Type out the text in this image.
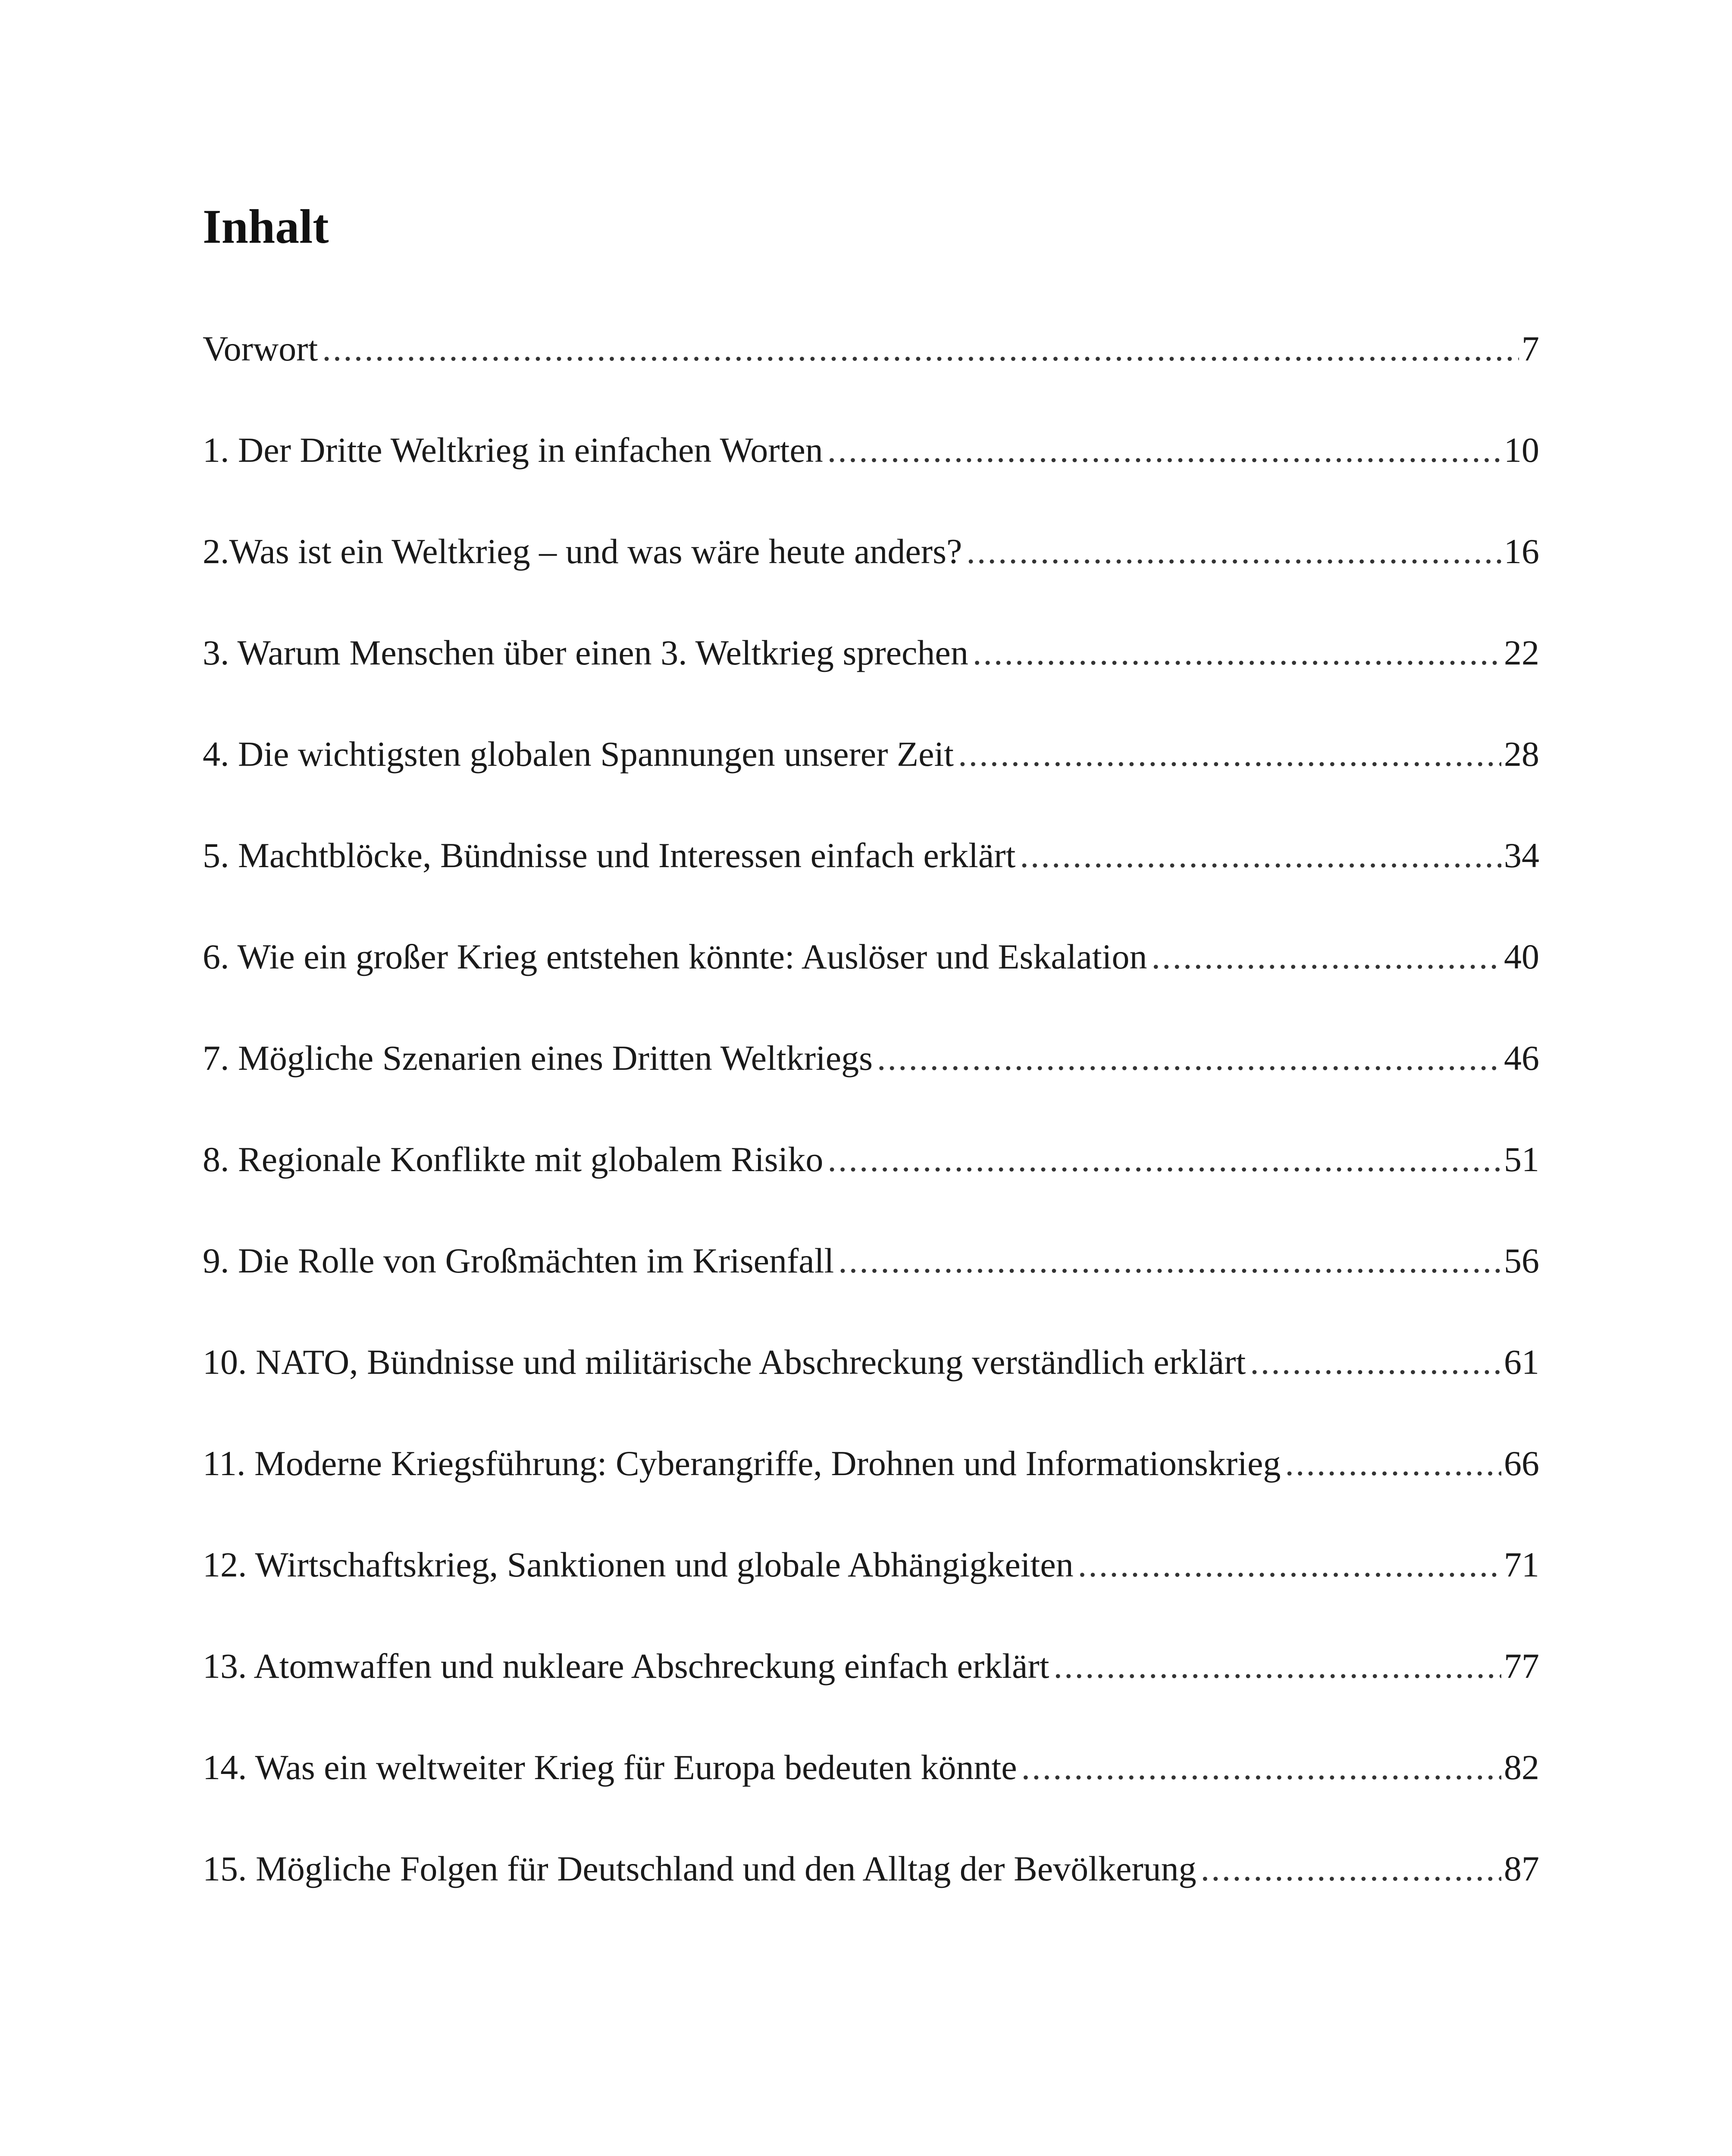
Inhalt
Vorwort .....	7
1. Der Dritte Weltkrieg in einfachen Worten .....	10
2.Was ist ein Weltkrieg – und was wäre heute anders? .....	16
3. Warum Menschen über einen 3. Weltkrieg sprechen .....	22
4. Die wichtigsten globalen Spannungen unserer Zeit .....	28
5. Machtblöcke, Bündnisse und Interessen einfach erklärt .....	34
6. Wie ein großer Krieg entstehen könnte: Auslöser und Eskalation .....	40
7. Mögliche Szenarien eines Dritten Weltkriegs .....	46
8. Regionale Konflikte mit globalem Risiko .....	51
9. Die Rolle von Großmächten im Krisenfall .....	56
10. NATO, Bündnisse und militärische Abschreckung verständlich erklärt .....	61
11. Moderne Kriegsführung: Cyberangriffe, Drohnen und Informationskrieg .....	66
12. Wirtschaftskrieg, Sanktionen und globale Abhängigkeiten .....	71
13. Atomwaffen und nukleare Abschreckung einfach erklärt .....	77
14. Was ein weltweiter Krieg für Europa bedeuten könnte .....	82
15. Mögliche Folgen für Deutschland und den Alltag der Bevölkerung .....	87
